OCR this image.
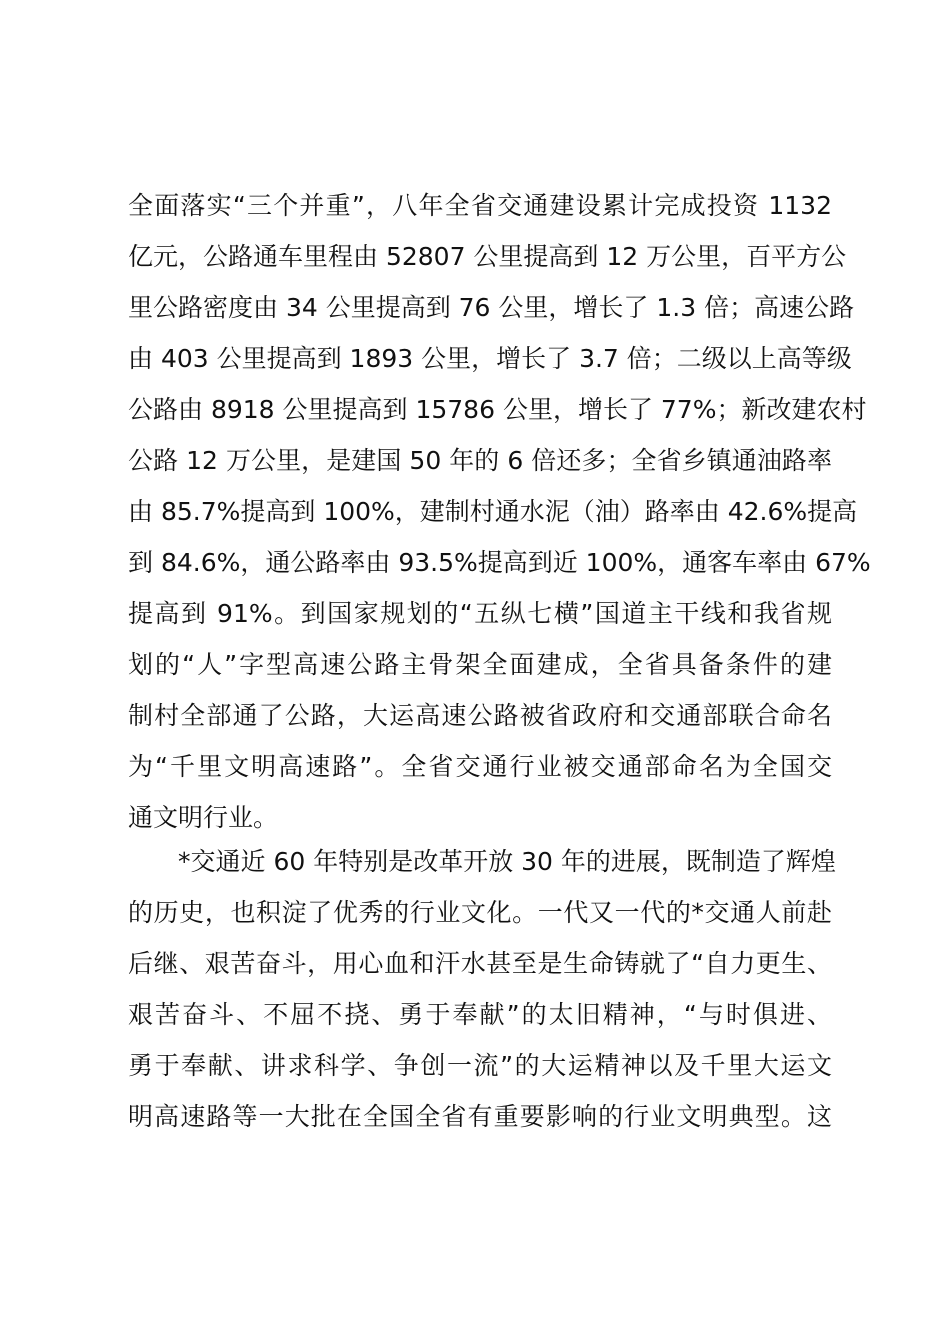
全面落实“三个并重”，八年全省交通建设累计完成投资 1132
亿元，公路通车里程由 52807 公里提高到 12 万公里，百平方公
里公路密度由 34 公里提高到 76 公里，增长了 1.3 倍；高速公路
由 403 公里提高到 1893 公里，增长了 3.7 倍；二级以上高等级
公路由 8918 公里提高到 15786 公里，增长了 77%；新改建农村
公路 12 万公里，是建国 50 年的 6 倍还多；全省乡镇通油路率
由 85.7%提高到 100%，建制村通水泥（油）路率由 42.6%提高
到 84.6%，通公路率由 93.5%提高到近 100%，通客车率由 67%
提高到 91%。到国家规划的“五纵七横”国道主干线和我省规
划的“人”字型高速公路主骨架全面建成，全省具备条件的建
制村全部通了公路，大运高速公路被省政府和交通部联合命名
为“千里文明高速路”。全省交通行业被交通部命名为全国交
通文明行业。
*交通近 60 年特别是改革开放 30 年的进展，既制造了辉煌
的历史，也积淀了优秀的行业文化。一代又一代的*交通人前赴
后继、艰苦奋斗，用心血和汗水甚至是生命铸就了“自力更生、
艰苦奋斗、不屈不挠、勇于奉献”的太旧精神，“与时俱进、
勇于奉献、讲求科学、争创一流”的大运精神以及千里大运文
明高速路等一大批在全国全省有重要影响的行业文明典型。这
